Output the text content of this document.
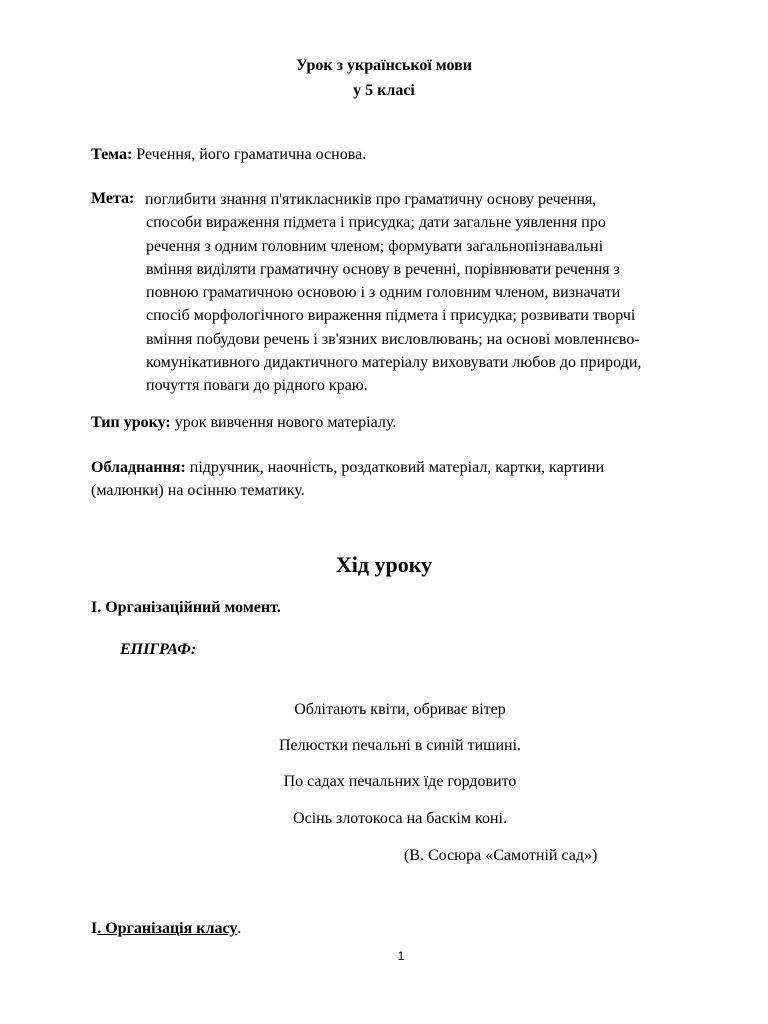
Урок з української мови
у 5 класі
Тема: Речення, його граматична основа.
Мета: поглибити знання п'ятикласників про граматичну основу речення,
способи вираження підмета і присудка; дати загальне уявлення про
речення з одним головним членом; формувати загальнопізнавальні
вміння виділяти граматичну основу в реченні, порівнювати речення з
повною граматичною основою і з одним головним членом, визначати
спосіб морфологічного вираження підмета і присудка; розвивати творчі
вміння побудови речень і зв'язних висловлювань; на основі мовленнєво-
комунікативного дидактичного матеріалу виховувати любов до природи,
почуття поваги до рідного краю.
Тип уроку: урок вивчення нового матеріалу.
Обладнання: підручник, наочність, роздатковий матеріал, картки, картини
(малюнки) на осінню тематику.
Хід уроку
І. Організаційний момент.
ЕПІГРАФ:
Облітають квіти, обриває вітер
Пелюстки печальні в синій тишині.
По садах печальних їде гордовито
Осінь злотокоса на баскім коні.
(В. Сосюра «Самотній сад»)
І. Організація класу.
1
